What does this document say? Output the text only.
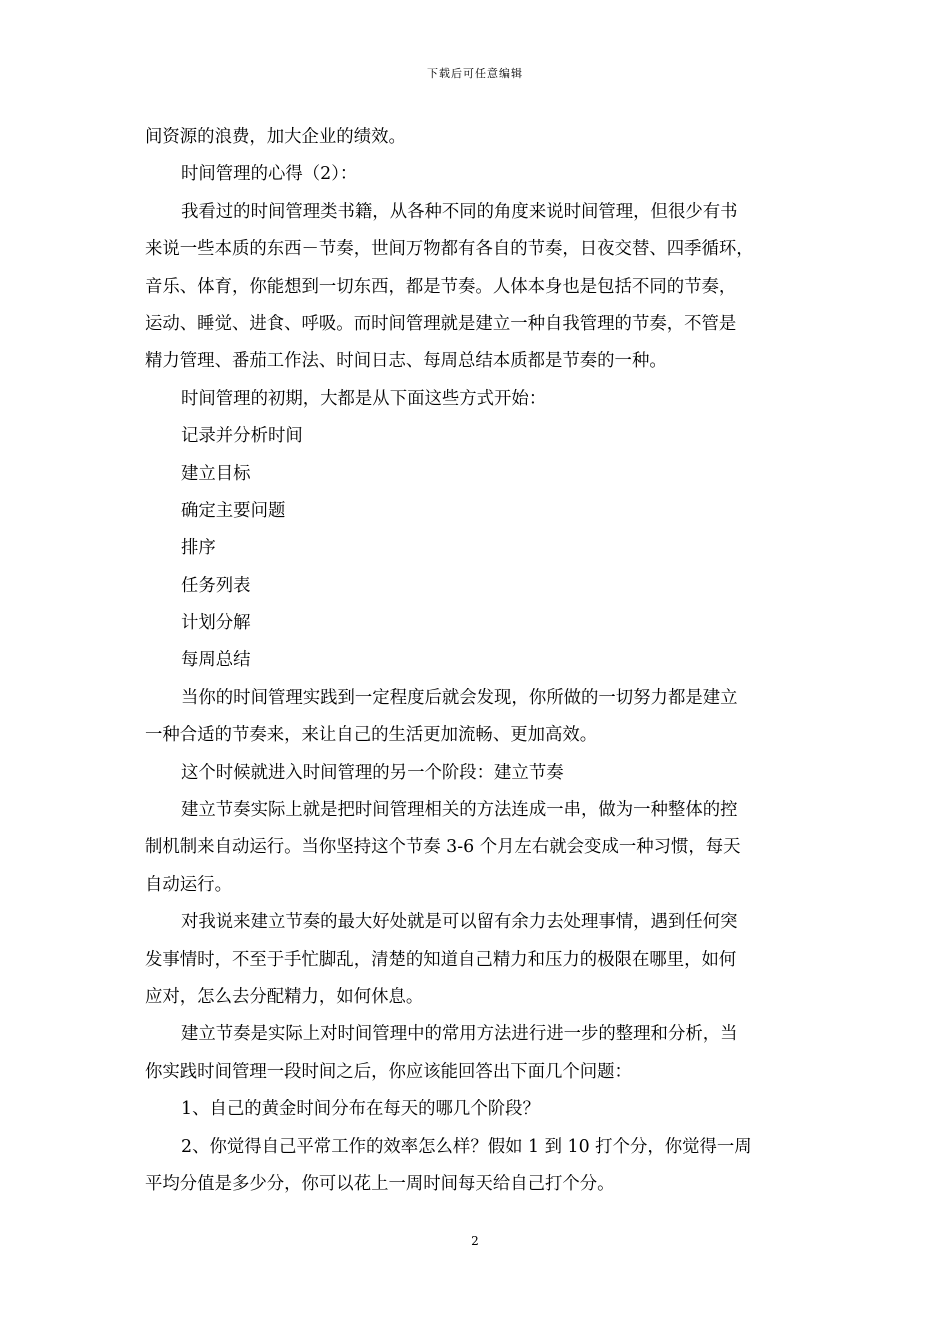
下载后可任意编辑
间资源的浪费，加大企业的绩效。
时间管理的心得（2）：
我看过的时间管理类书籍，从各种不同的角度来说时间管理，但很少有书
来说一些本质的东西－节奏，世间万物都有各自的节奏，日夜交替、四季循环，
音乐、体育，你能想到一切东西，都是节奏。人体本身也是包括不同的节奏，
运动、睡觉、进食、呼吸。而时间管理就是建立一种自我管理的节奏，不管是
精力管理、番茄工作法、时间日志、每周总结本质都是节奏的一种。
时间管理的初期，大都是从下面这些方式开始：
记录并分析时间
建立目标
确定主要问题
排序
任务列表
计划分解
每周总结
当你的时间管理实践到一定程度后就会发现，你所做的一切努力都是建立
一种合适的节奏来，来让自己的生活更加流畅、更加高效。
这个时候就进入时间管理的另一个阶段：建立节奏
建立节奏实际上就是把时间管理相关的方法连成一串，做为一种整体的控
制机制来自动运行。当你坚持这个节奏 3-6 个月左右就会变成一种习惯，每天
自动运行。
对我说来建立节奏的最大好处就是可以留有余力去处理事情，遇到任何突
发事情时，不至于手忙脚乱，清楚的知道自己精力和压力的极限在哪里，如何
应对，怎么去分配精力，如何休息。
建立节奏是实际上对时间管理中的常用方法进行进一步的整理和分析，当
你实践时间管理一段时间之后，你应该能回答出下面几个问题：
1、自己的黄金时间分布在每天的哪几个阶段？
2、你觉得自己平常工作的效率怎么样？假如 1 到 10 打个分，你觉得一周
平均分值是多少分，你可以花上一周时间每天给自己打个分。
2
